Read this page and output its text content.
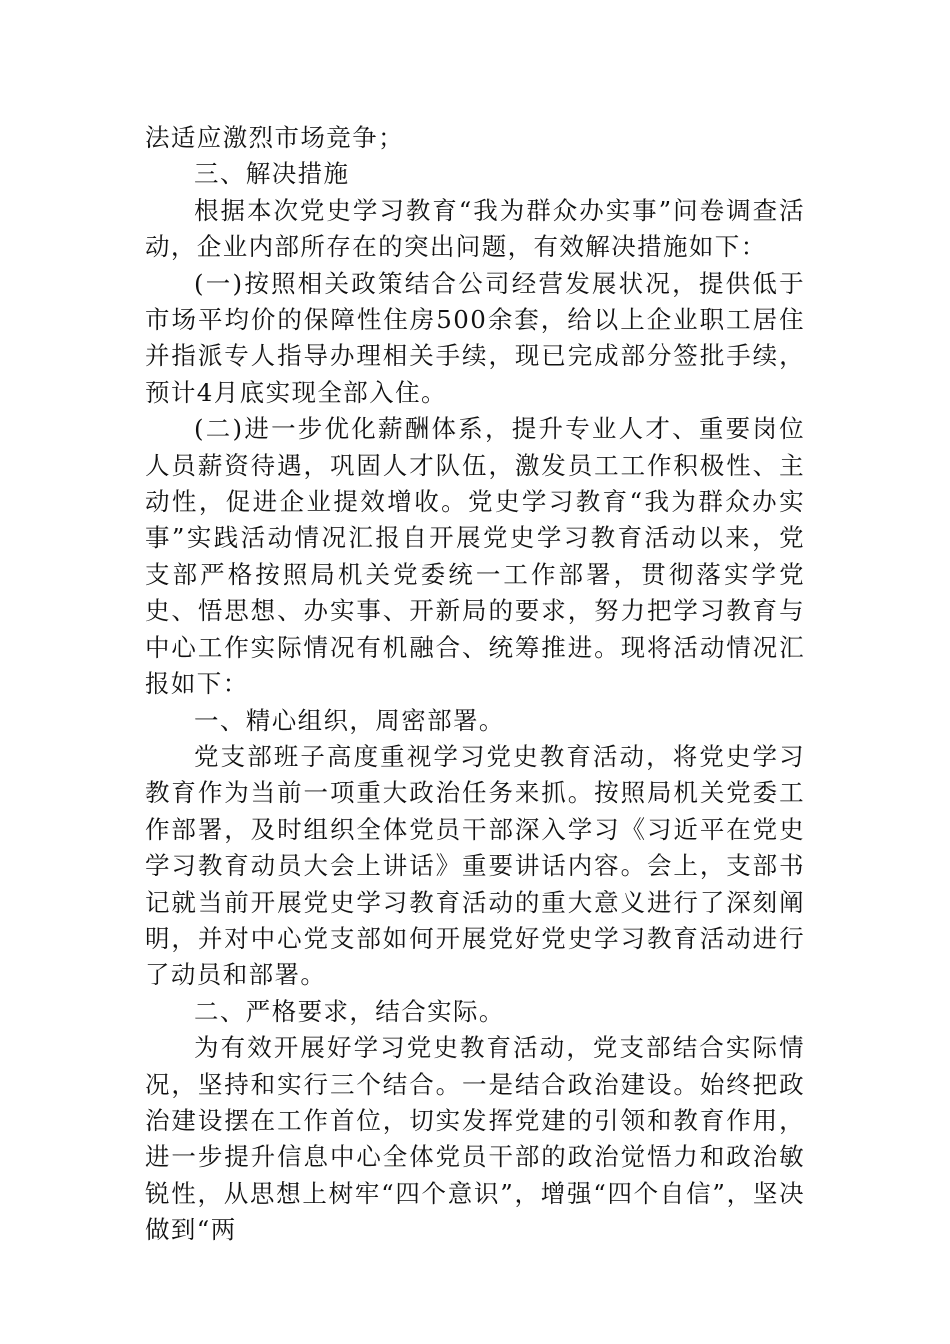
法适应激烈市场竞争；

三、解决措施

根据本次党史学习教育“我为群众办实事”问卷调查活动，企业内部所存在的突出问题，有效解决措施如下：

(一)按照相关政策结合公司经营发展状况，提供低于市场平均价的保障性住房500余套，给以上企业职工居住并指派专人指导办理相关手续，现已完成部分签批手续，预计4月底实现全部入住。

(二)进一步优化薪酬体系，提升专业人才、重要岗位人员薪资待遇，巩固人才队伍，激发员工工作积极性、主动性，促进企业提效增收。党史学习教育“我为群众办实事”实践活动情况汇报自开展党史学习教育活动以来，党支部严格按照局机关党委统一工作部署，贯彻落实学党史、悟思想、办实事、开新局的要求，努力把学习教育与中心工作实际情况有机融合、统筹推进。现将活动情况汇报如下：

一、精心组织，周密部署。

党支部班子高度重视学习党史教育活动，将党史学习教育作为当前一项重大政治任务来抓。按照局机关党委工作部署，及时组织全体党员干部深入学习《习近平在党史学习教育动员大会上讲话》重要讲话内容。会上，支部书记就当前开展党史学习教育活动的重大意义进行了深刻阐明，并对中心党支部如何开展党好党史学习教育活动进行了动员和部署。

二、严格要求，结合实际。

为有效开展好学习党史教育活动，党支部结合实际情况，坚持和实行三个结合。一是结合政治建设。始终把政治建设摆在工作首位，切实发挥党建的引领和教育作用，进一步提升信息中心全体党员干部的政治觉悟力和政治敏锐性，从思想上树牢“四个意识”，增强“四个自信”，坚决做到“两
